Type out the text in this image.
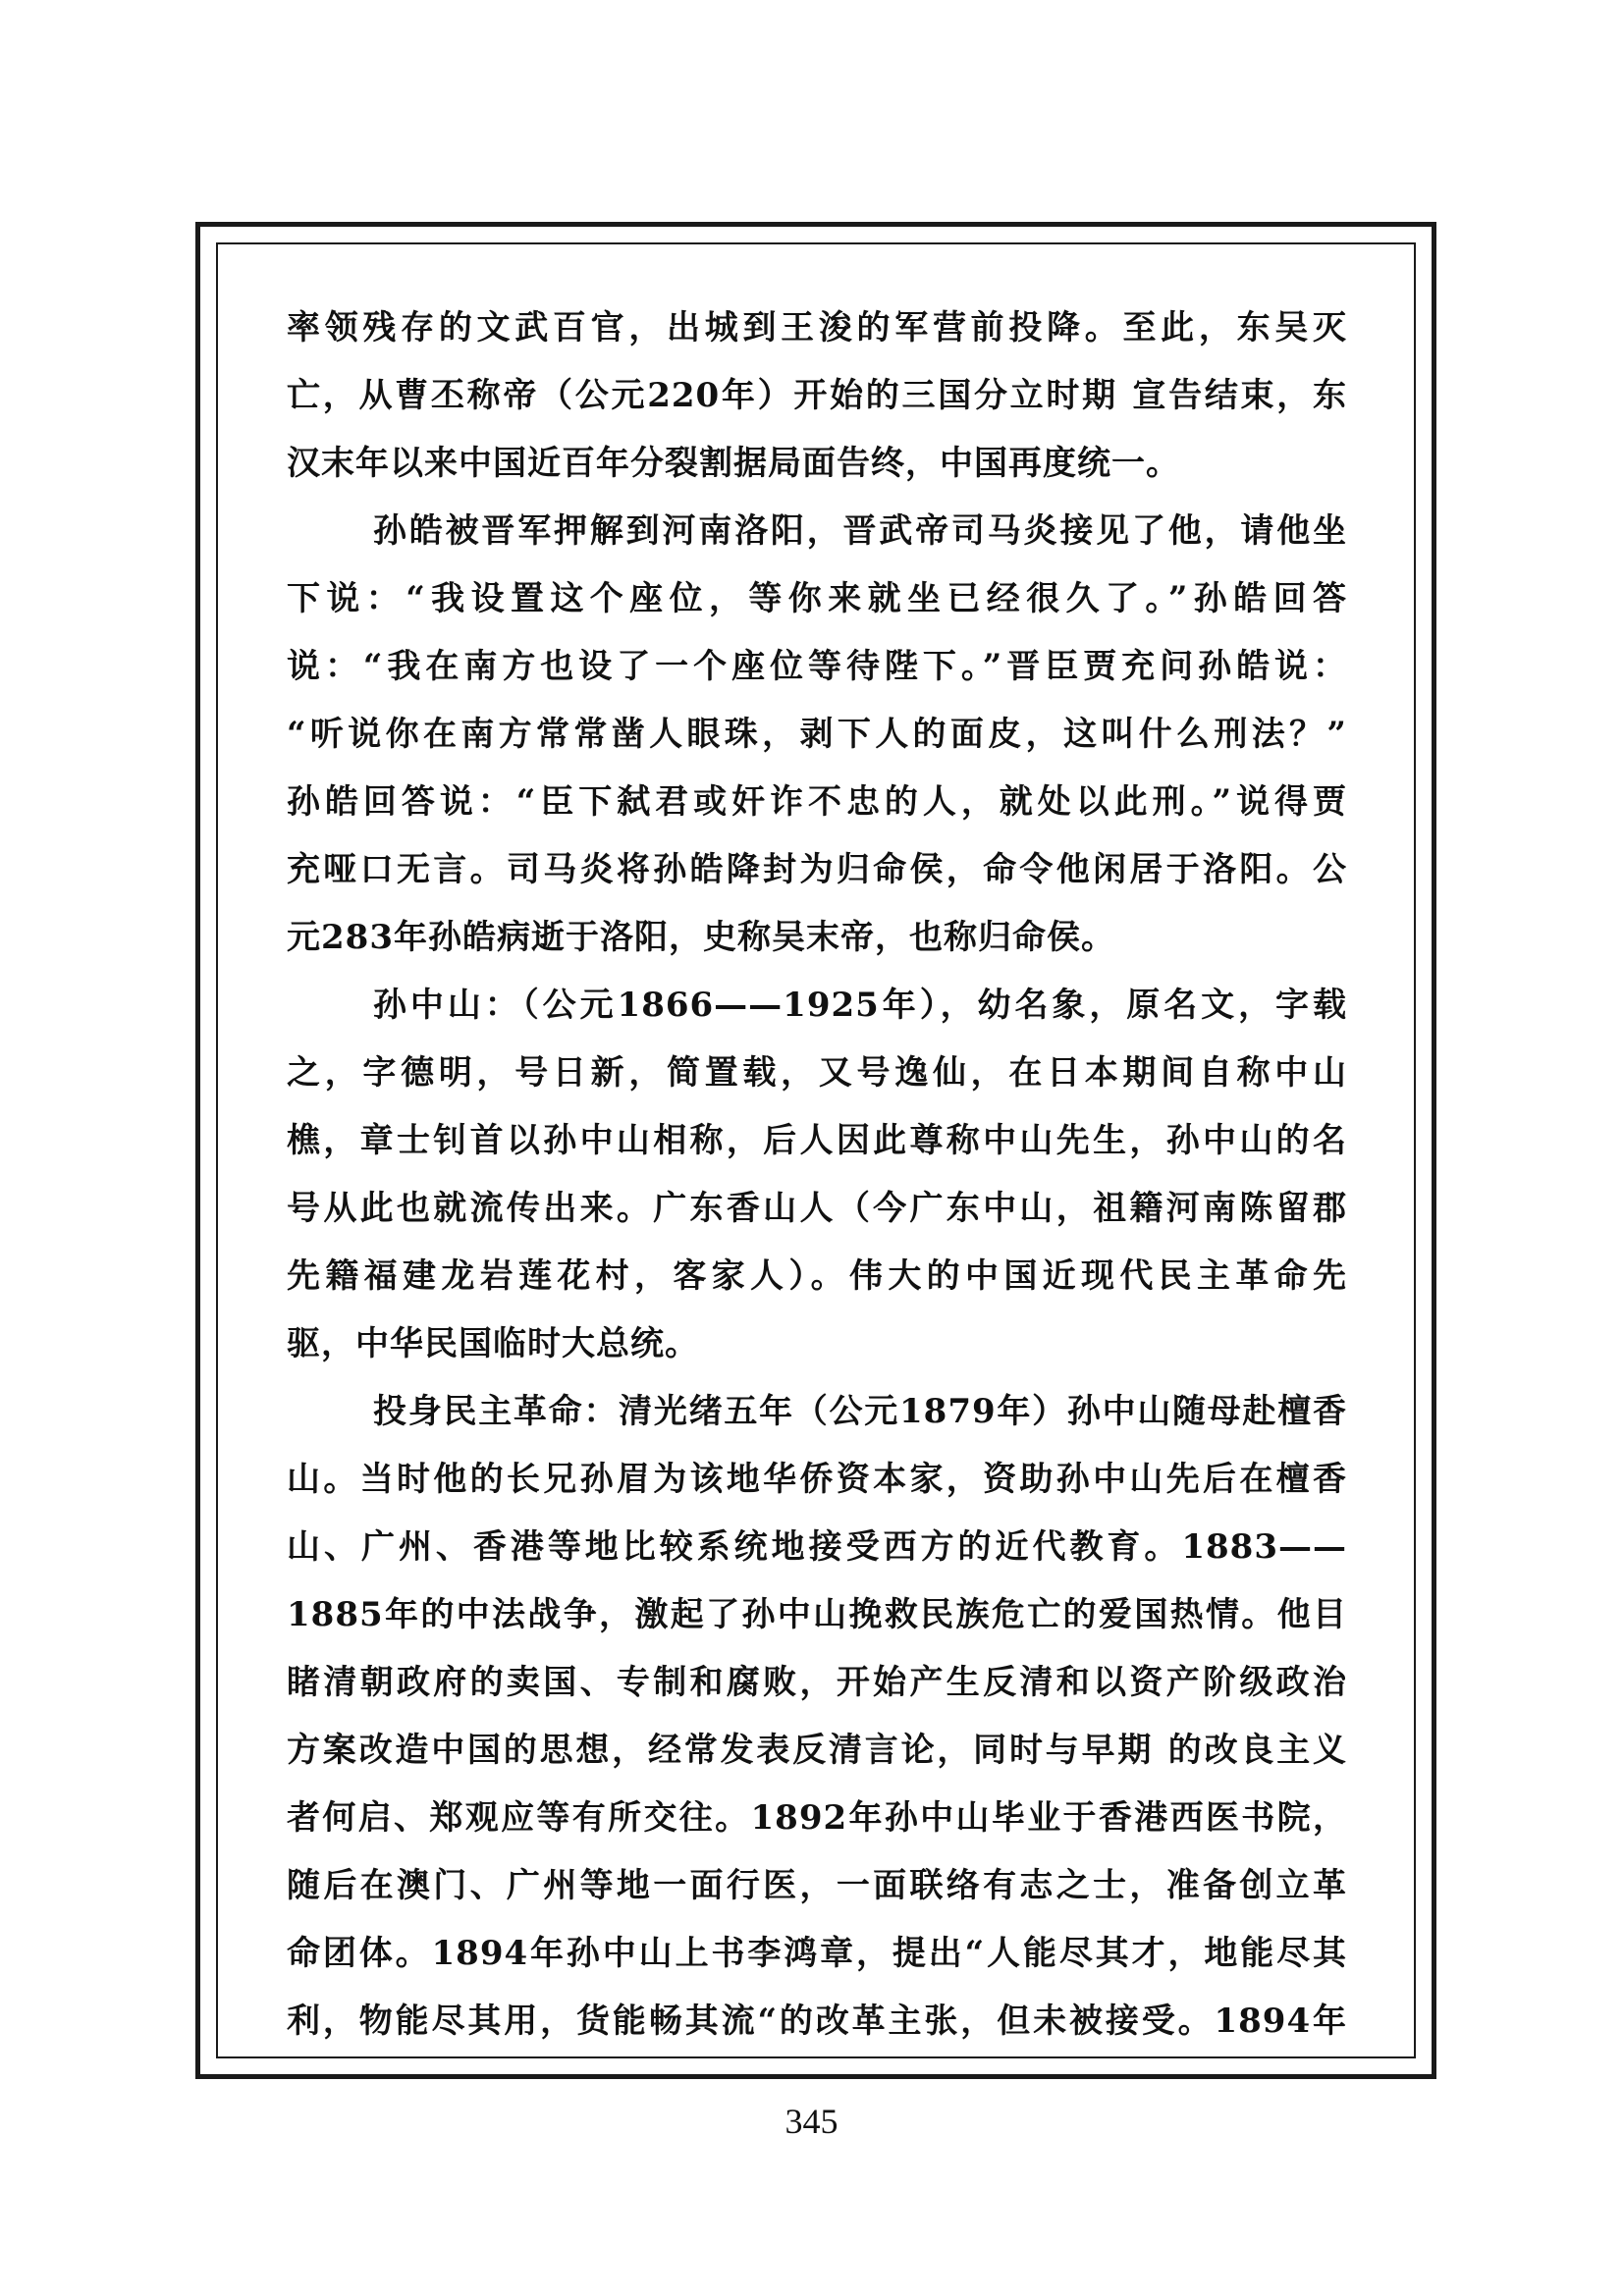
率领残存的文武百官，出城到王浚的军营前投降。至此，东吴灭
亡，从曹丕称帝（公元220年）开始的三国分立时期 宣告结束，东
汉末年以来中国近百年分裂割据局面告终，中国再度统一。
孙皓被晋军押解到河南洛阳，晋武帝司马炎接见了他，请他坐
下说：“我设置这个座位，等你来就坐已经很久了。”孙皓回答
说：“我在南方也设了一个座位等待陛下。”晋臣贾充问孙皓说：
“听说你在南方常常凿人眼珠，剥下人的面皮，这叫什么刑法？”
孙皓回答说：“臣下弑君或奸诈不忠的人，就处以此刑。”说得贾
充哑口无言。司马炎将孙皓降封为归命侯，命令他闲居于洛阳。公
元283年孙皓病逝于洛阳，史称吴末帝，也称归命侯。
孙中山：（公元1866——1925年），幼名象，原名文，字载
之，字德明，号日新，简置载，又号逸仙，在日本期间自称中山
樵，章士钊首以孙中山相称，后人因此尊称中山先生，孙中山的名
号从此也就流传出来。广东香山人（今广东中山，祖籍河南陈留郡
先籍福建龙岩莲花村，客家人）。伟大的中国近现代民主革命先
驱，中华民国临时大总统。
投身民主革命：清光绪五年（公元1879年）孙中山随母赴檀香
山。当时他的长兄孙眉为该地华侨资本家，资助孙中山先后在檀香
山、广州、香港等地比较系统地接受西方的近代教育。1883——
1885年的中法战争，激起了孙中山挽救民族危亡的爱国热情。他目
睹清朝政府的卖国、专制和腐败，开始产生反清和以资产阶级政治
方案改造中国的思想，经常发表反清言论，同时与早期 的改良主义
者何启、郑观应等有所交往。1892年孙中山毕业于香港西医书院，
随后在澳门、广州等地一面行医，一面联络有志之士，准备创立革
命团体。1894年孙中山上书李鸿章，提出“人能尽其才，地能尽其
利，物能尽其用，货能畅其流“的改革主张，但未被接受。1894年
345
